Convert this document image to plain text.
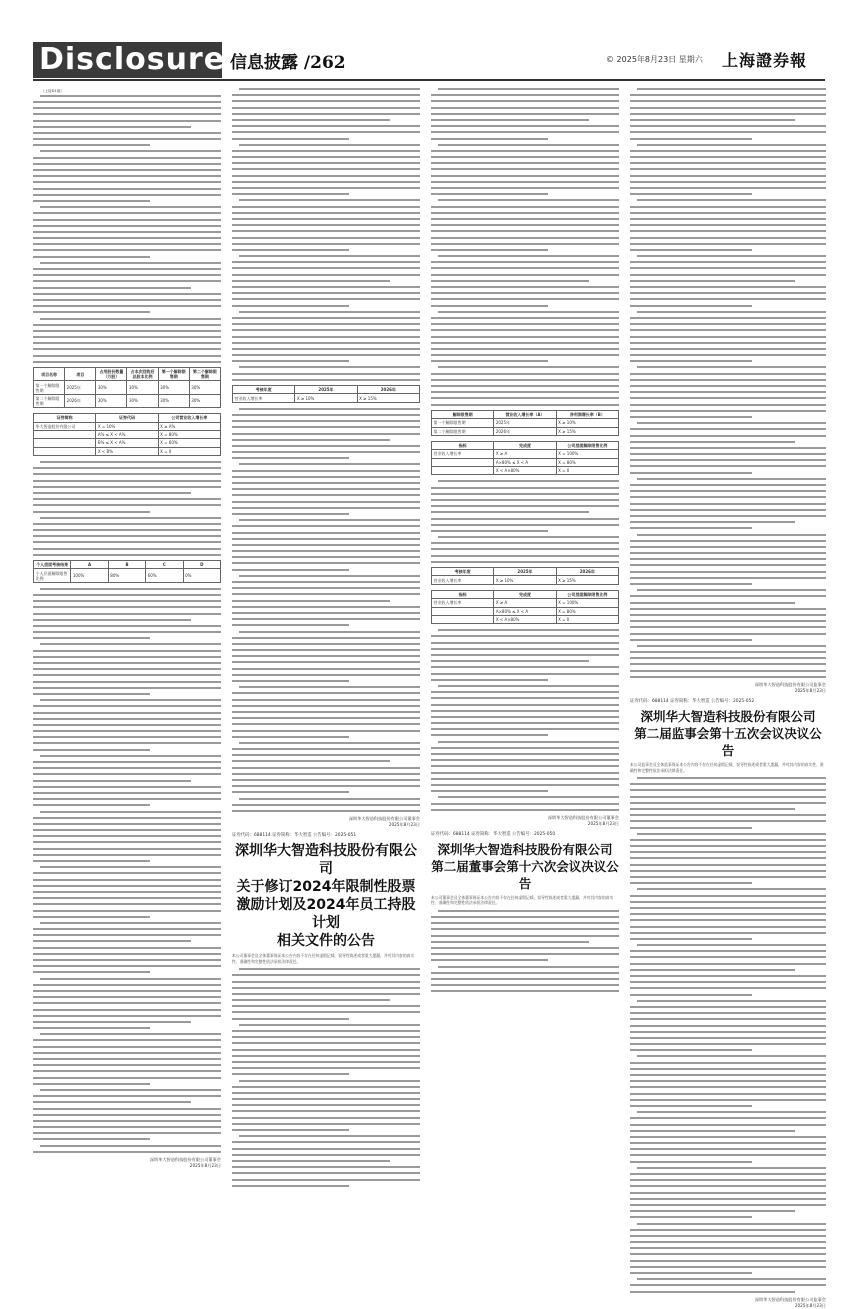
Disclosure 信息披露 /262	© 2025年8月23日 星期六 上海證券報

（上接D1版）

项目名称	项目	占用股份数量（万股）	占本次回购后总股本比例	第一个解除限售期	第二个解除限售期
第一个解除限售期	2025年	30%	30%	30%	30%
第二个解除限售期	2026年	30%	30%	30%	30%
证券简称	证券代码	公司营业收入增长率
华大智造股份有限公司	X = 10%	X ≥ A%
	A% ≤ X < A%	X = 80%
	B% ≤ X < A%	X = 60%
	X < B%	X = 0
个人层面考核结果	A	B	C	D
个人层面解除限售比例	100%	80%	60%	0%
深圳华大智造科技股份有限公司董事会
2025年8月23日
考核年度	2025年	2026年
营业收入增长率	X ≥ 10%	X ≥ 15%
深圳华大智造科技股份有限公司董事会
2025年8月23日
证券代码：688114 证券简称：华大智造 公告编号：2025-051
深圳华大智造科技股份有限公司
关于修订2024年限制性股票
激励计划及2024年员工持股计划
相关文件的公告
本公司董事会及全体董事保证本公告内容不存在任何虚假记载、误导性陈述或者重大遗漏，并对其内容的真实性、准确性和完整性依法承担法律责任。
解除限售期	营业收入增长率（A）	净利润增长率（B）
第一个解除限售期	2025年	X ≥ 10%
第二个解除限售期	2026年	X ≥ 15%
指标	完成度	公司层面解除限售比例
营业收入增长率	X ≥ A	X = 100%
	A×80% ≤ X < A	X = 80%
	X < A×80%	X = 0
考核年度	2025年	2026年
营业收入增长率	X ≥ 10%	X ≥ 15%
指标	完成度	公司层面解除限售比例
营业收入增长率	X ≥ A	X = 100%
	A×80% ≤ X < A	X = 80%
	X < A×80%	X = 0
深圳华大智造科技股份有限公司董事会
2025年8月23日
证券代码：688114 证券简称：华大智造 公告编号：2025-050
深圳华大智造科技股份有限公司
第二届董事会第十六次会议决议公告
本公司董事会及全体董事保证本公告内容不存在任何虚假记载、误导性陈述或者重大遗漏，并对其内容的真实性、准确性和完整性依法承担法律责任。
深圳华大智造科技股份有限公司监事会
2025年8月23日
证券代码：688114 证券简称：华大智造 公告编号：2025-052
深圳华大智造科技股份有限公司
第二届监事会第十五次会议决议公告
本公司监事会及全体监事保证本公告内容不存在任何虚假记载、误导性陈述或者重大遗漏，并对其内容的真实性、准确性和完整性依法承担法律责任。
深圳华大智造科技股份有限公司监事会
2025年8月23日
